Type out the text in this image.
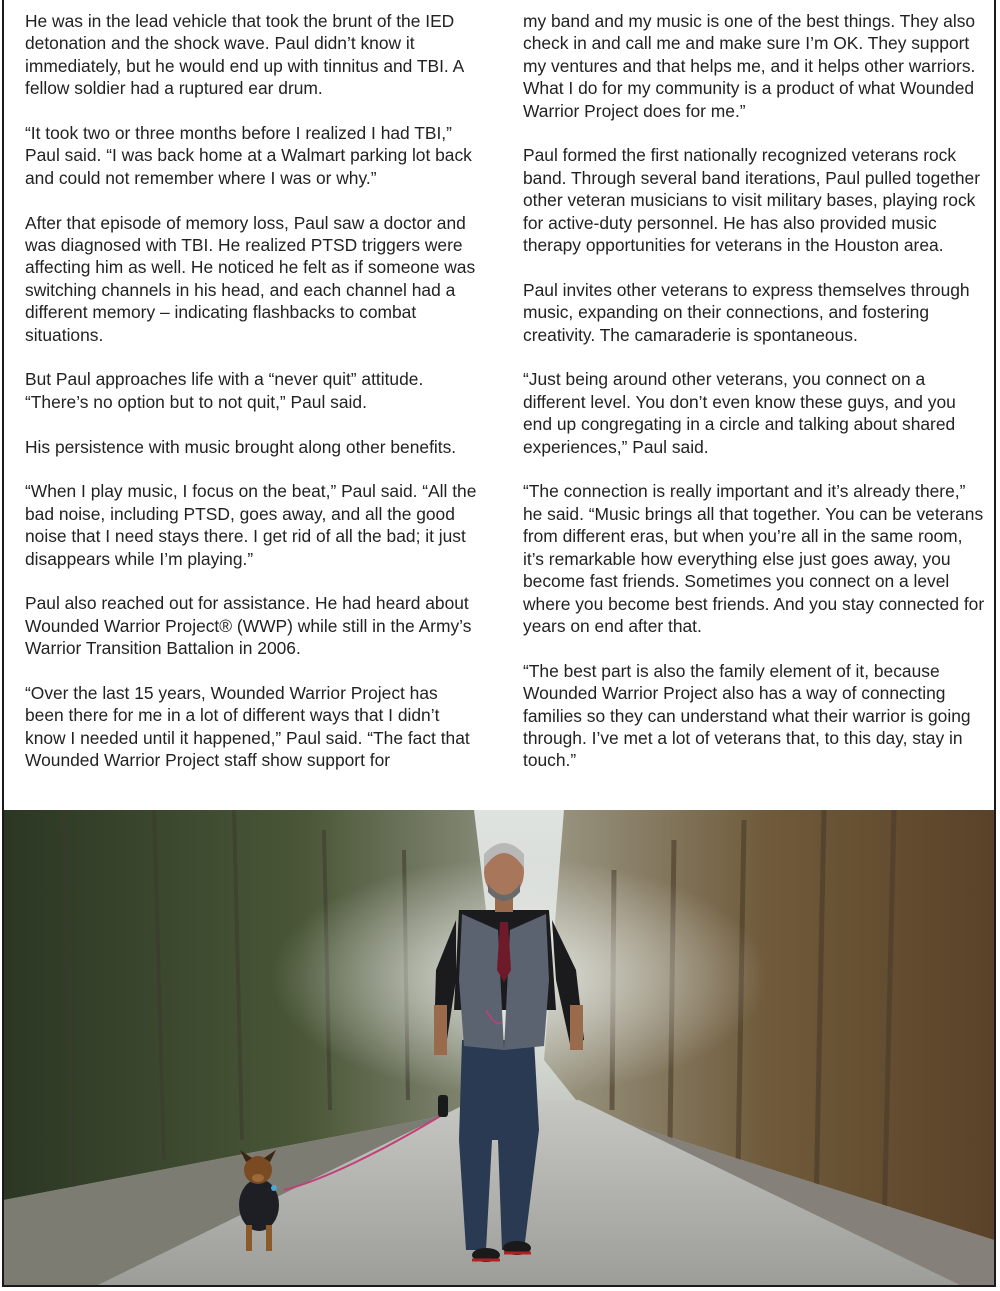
He was in the lead vehicle that took the brunt of the IED detonation and the shock wave. Paul didn’t know it immediately, but he would end up with tinnitus and TBI. A fellow soldier had a ruptured ear drum.

“It took two or three months before I realized I had TBI,” Paul said. “I was back home at a Walmart parking lot back and could not remember where I was or why.”

After that episode of memory loss, Paul saw a doctor and was diagnosed with TBI. He realized PTSD triggers were affecting him as well. He noticed he felt as if someone was switching channels in his head, and each channel had a different memory – indicating flashbacks to combat situations.

But Paul approaches life with a “never quit” attitude. “There’s no option but to not quit,” Paul said.

His persistence with music brought along other benefits.

“When I play music, I focus on the beat,” Paul said. “All the bad noise, including PTSD, goes away, and all the good noise that I need stays there. I get rid of all the bad; it just disappears while I’m playing.”

Paul also reached out for assistance. He had heard about Wounded Warrior Project® (WWP) while still in the Army’s Warrior Transition Battalion in 2006.

“Over the last 15 years, Wounded Warrior Project has been there for me in a lot of different ways that I didn’t know I needed until it happened,” Paul said. “The fact that Wounded Warrior Project staff show support for

my band and my music is one of the best things. They also check in and call me and make sure I’m OK. They support my ventures and that helps me, and it helps other warriors. What I do for my community is a product of what Wounded Warrior Project does for me.”

Paul formed the first nationally recognized veterans rock band. Through several band iterations, Paul pulled together other veteran musicians to visit military bases, playing rock for active-duty personnel. He has also provided music therapy opportunities for veterans in the Houston area.

Paul invites other veterans to express themselves through music, expanding on their connections, and fostering creativity. The camaraderie is spontaneous.

“Just being around other veterans, you connect on a different level. You don’t even know these guys, and you end up congregating in a circle and talking about shared experiences,” Paul said.

“The connection is really important and it’s already there,” he said. “Music brings all that together. You can be veterans from different eras, but when you’re all in the same room, it’s remarkable how everything else just goes away, you become fast friends. Sometimes you connect on a level where you become best friends. And you stay connected for years on end after that.

“The best part is also the family element of it, because Wounded Warrior Project also has a way of connecting families so they can understand what their warrior is going through. I’ve met a lot of veterans that, to this day, stay in touch.”
